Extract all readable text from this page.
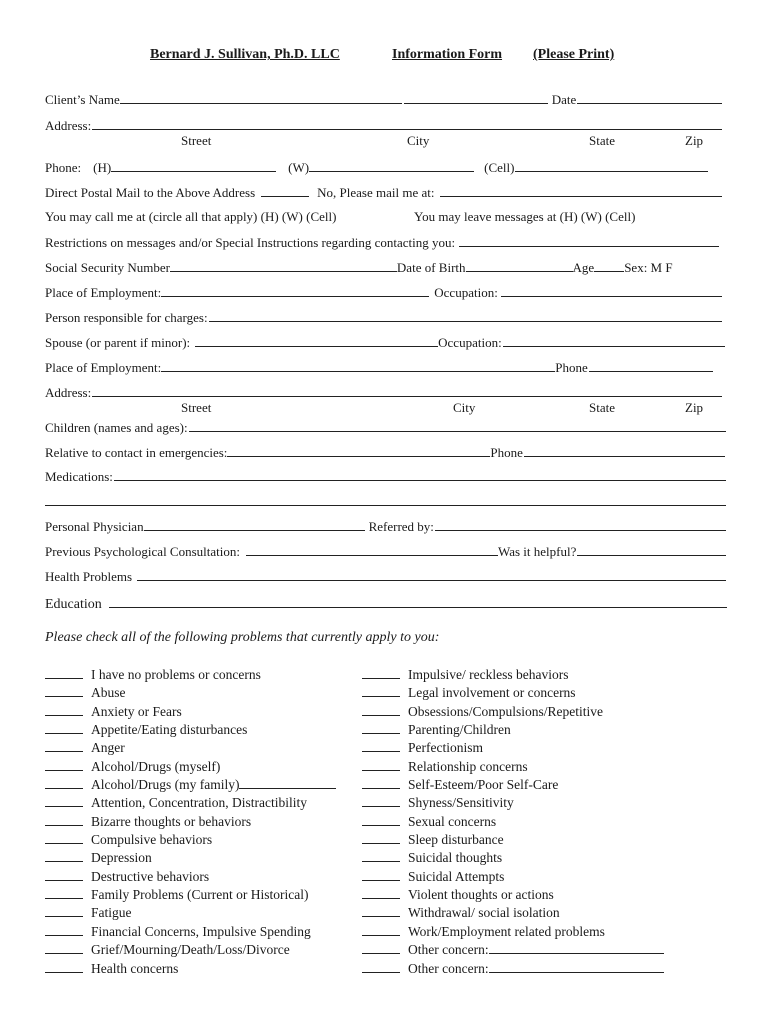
Bernard J. Sullivan, Ph.D. LLC	Information Form (Please Print)
Client’s Name	Date
Address:
Street	City	State	Zip
Phone: (H)	(W)	(Cell)
Direct Postal Mail to the Above Address	No, Please mail me at:
You may call me at (circle all that apply) (H) (W) (Cell)	You may leave messages at (H) (W) (Cell)
Restrictions on messages and/or Special Instructions regarding contacting you:
Social Security Number	Date of Birth	Age Sex: M F
Place of Employment:	Occupation:
Person responsible for charges:
Spouse (or parent if minor):	Occupation:
Place of Employment:	Phone
Address:
Street	City	State	Zip
Children (names and ages):
Relative to contact in emergencies:	Phone
Medications:
Personal Physician	Referred by:
Previous Psychological Consultation:	Was it helpful?
Health Problems
Education
Please check all of the following problems that currently apply to you:
I have no problems or concerns
Abuse
Anxiety or Fears
Appetite/Eating disturbances
Anger
Alcohol/Drugs (myself)
Alcohol/Drugs (my family)
Attention, Concentration, Distractibility
Bizarre thoughts or behaviors
Compulsive behaviors
Depression
Destructive behaviors
Family Problems (Current or Historical)
Fatigue
Financial Concerns, Impulsive Spending
Grief/Mourning/Death/Loss/Divorce
Health concerns
Impulsive/ reckless behaviors
Legal involvement or concerns
Obsessions/Compulsions/Repetitive
Parenting/Children
Perfectionism
Relationship concerns
Self-Esteem/Poor Self-Care
Shyness/Sensitivity
Sexual concerns
Sleep disturbance
Suicidal thoughts
Suicidal Attempts
Violent thoughts or actions
Withdrawal/ social isolation
Work/Employment related problems
Other concern:
Other concern:
